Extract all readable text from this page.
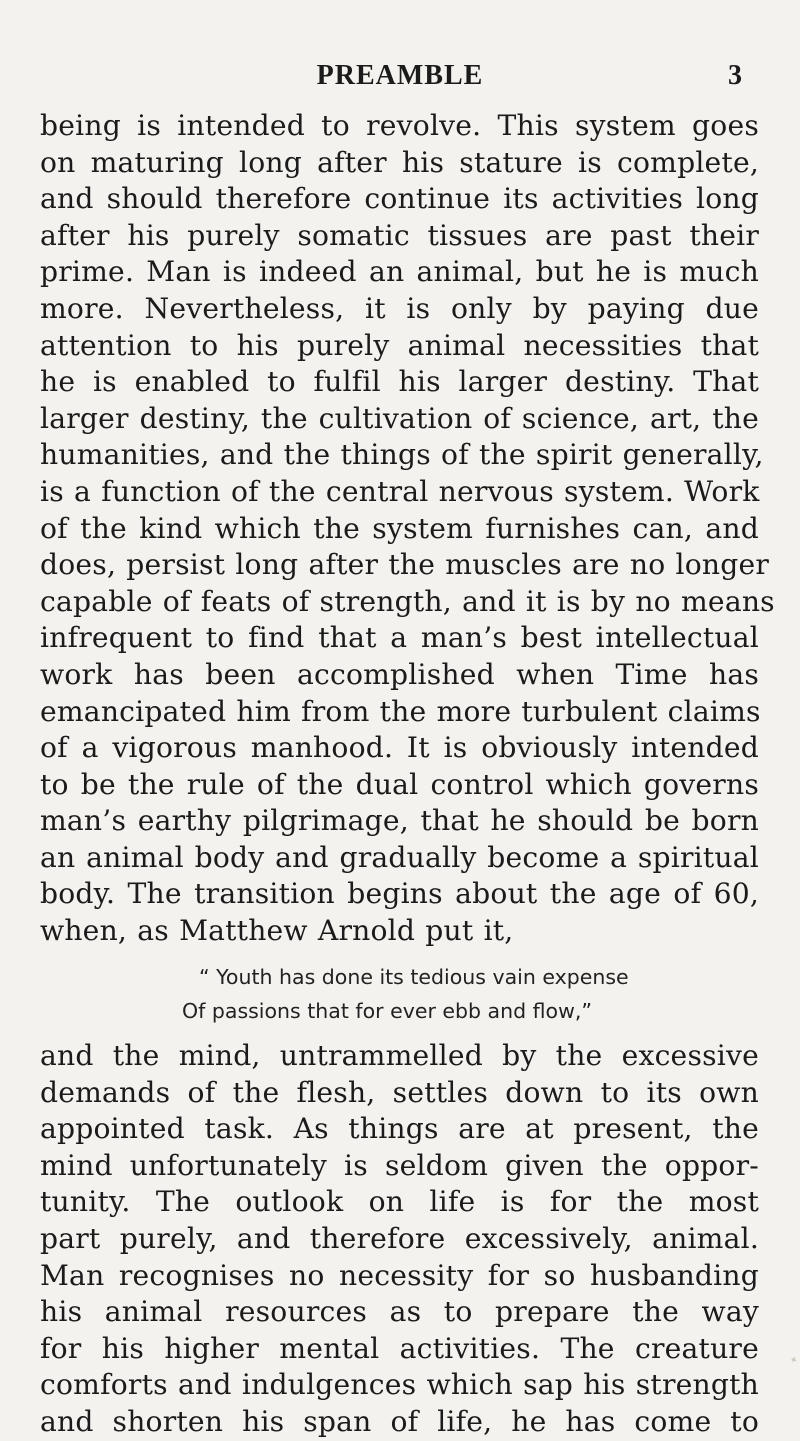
PREAMBLE	3
being is intended to revolve. This system goes
on maturing long after his stature is complete,
and should therefore continue its activities long
after his purely somatic tissues are past their
prime. Man is indeed an animal, but he is much
more. Nevertheless, it is only by paying due
attention to his purely animal necessities that
he is enabled to fulfil his larger destiny. That
larger destiny, the cultivation of science, art, the
humanities, and the things of the spirit generally,
is a function of the central nervous system. Work
of the kind which the system furnishes can, and
does, persist long after the muscles are no longer
capable of feats of strength, and it is by no means
infrequent to find that a man’s best intellectual
work has been accomplished when Time has
emancipated him from the more turbulent claims
of a vigorous manhood. It is obviously intended
to be the rule of the dual control which governs
man’s earthy pilgrimage, that he should be born
an animal body and gradually become a spiritual
body. The transition begins about the age of 60,
when, as Matthew Arnold put it,
“ Youth has done its tedious vain expense
Of passions that for ever ebb and flow,”
and the mind, untrammelled by the excessive
demands of the flesh, settles down to its own
appointed task. As things are at present, the
mind unfortunately is seldom given the oppor-
tunity. The outlook on life is for the most
part purely, and therefore excessively, animal.
Man recognises no necessity for so husbanding
his animal resources as to prepare the way
for his higher mental activities. The creature
comforts and indulgences which sap his strength
and shorten his span of life, he has come to
✦
